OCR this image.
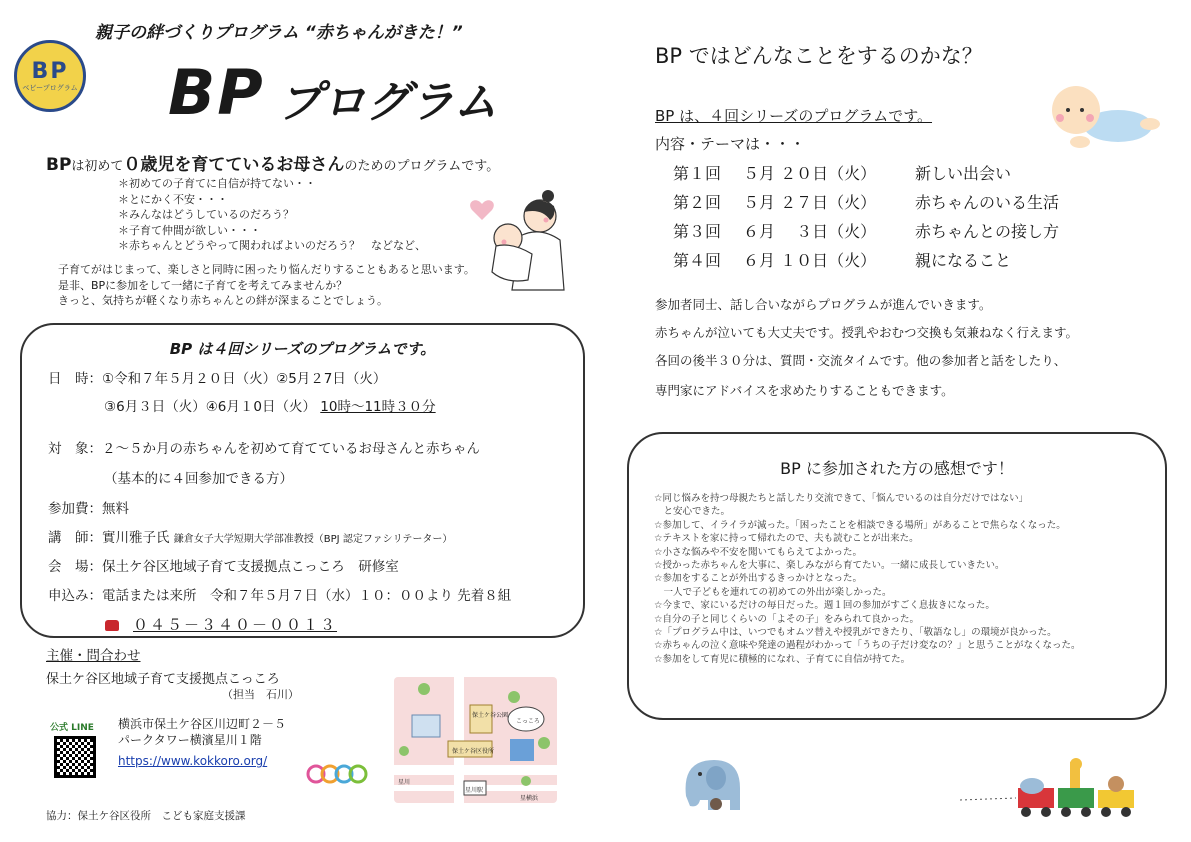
BP
ベビープログラム
親子の絆づくりプログラム “赤ちゃんがきた！”
BP プログラム
BPは初めて０歳児を育てているお母さんのためのプログラムです。
＊初めての子育てに自信が持てない・・
＊とにかく不安・・・
＊みんなはどうしているのだろう？
＊子育て仲間が欲しい・・・
＊赤ちゃんとどうやって関わればよいのだろう？　などなど、
子育てがはじまって、楽しさと同時に困ったり悩んだりすることもあると思います。
是非、BPに参加をして一緒に子育てを考えてみませんか？
きっと、気持ちが軽くなり赤ちゃんとの絆が深まることでしょう。
BP は４回シリーズのプログラムです。
日　時：①令和７年５月２０日（火）②5月２7日（火）
③6月３日（火）④6月１0日（火） 10時～11時３０分
対　象：２～５か月の赤ちゃんを初めて育てているお母さんと赤ちゃん
（基本的に４回参加できる方）
参加費：無料
講　師：實川雅子氏 鎌倉女子大学短期大学部准教授（BPJ 認定ファシリテーター）
会　場：保土ケ谷区地域子育て支援拠点こっころ　研修室
申込み：電話または来所　令和７年５月７日（水）１０：００より 先着８組
０４５－３４０－００１３
主催・問合わせ
保土ケ谷区地域子育て支援拠点こっころ
（担当　石川）
公式 LINE 横浜市保土ケ谷区川辺町２－５
パークタワー横濱星川１階
https://www.kokkoro.org/
保土ケ谷公園
こっころ
保土ケ谷区役所
星川
星川駅
星横浜
協力：保土ケ谷区役所　こども家庭支援課
BP ではどんなことをするのかな？
BP は、４回シリーズのプログラムです。
内容・テーマは・・・
第１回 ５月 ２０日（火） 新しい出会い
第２回 ５月 ２７日（火） 赤ちゃんのいる生活
第３回 ６月　 ３日（火） 赤ちゃんとの接し方
第４回 ６月 １０日（火） 親になること
参加者同士、話し合いながらプログラムが進んでいきます。
赤ちゃんが泣いても大丈夫です。授乳やおむつ交換も気兼ねなく行えます。
各回の後半３０分は、質問・交流タイムです。他の参加者と話をしたり、
専門家にアドバイスを求めたりすることもできます。
BP に参加された方の感想です！
☆同じ悩みを持つ母親たちと話したり交流できて、「悩んでいるのは自分だけではない」
　と安心できた。
☆参加して、イライラが減った。「困ったことを相談できる場所」があることで焦らなくなった。
☆テキストを家に持って帰れたので、夫も読むことが出来た。
☆小さな悩みや不安を聞いてもらえてよかった。
☆授かった赤ちゃんを大事に、楽しみながら育てたい。一緒に成長していきたい。
☆参加をすることが外出するきっかけとなった。
　一人で子どもを連れての初めての外出が楽しかった。
☆今まで、家にいるだけの毎日だった。週１回の参加がすごく息抜きになった。
☆自分の子と同じくらいの「よその子」をみられて良かった。
☆「プログラム中は、いつでもオムツ替えや授乳ができたり、「敬語なし」の環境が良かった。
☆赤ちゃんの泣く意味や発達の過程がわかって「うちの子だけ変なの？」と思うことがなくなった。
☆参加をして育児に積極的になれ、子育てに自信が持てた。
